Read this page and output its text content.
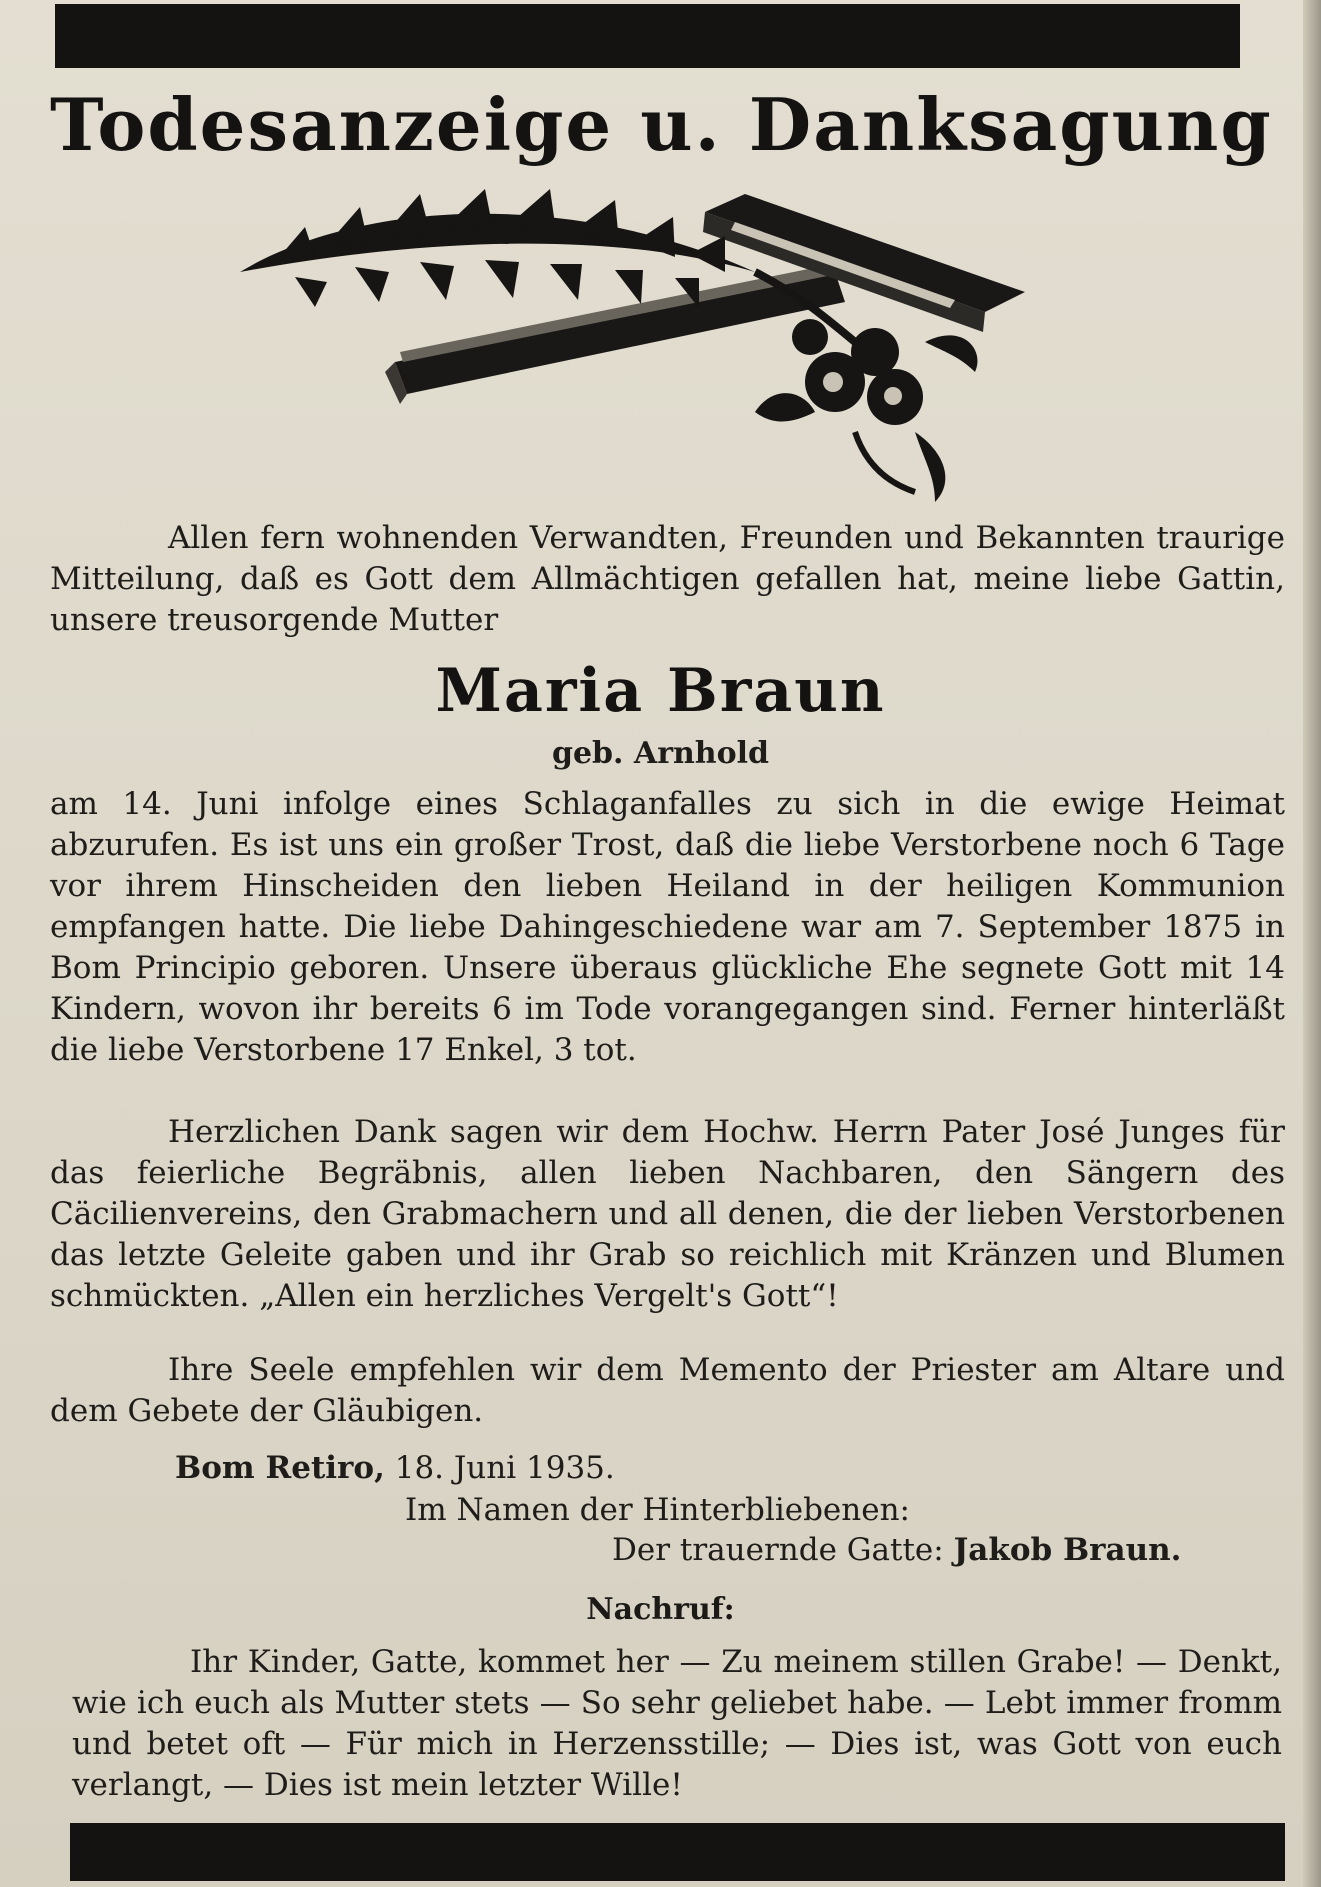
Todesanzeige u. Danksagung
Allen fern wohnenden Verwandten, Freunden und Bekannten traurige Mitteilung, daß es Gott dem Allmächtigen gefallen hat, meine liebe Gattin, unsere treusorgende Mutter
Maria Braun
geb. Arnhold
am 14. Juni infolge eines Schlaganfalles zu sich in die ewige Heimat abzurufen. Es ist uns ein großer Trost, daß die liebe Verstorbene noch 6 Tage vor ihrem Hinscheiden den lieben Heiland in der heiligen Kommunion empfangen hatte. Die liebe Dahingeschiedene war am 7. September 1875 in Bom Principio geboren. Unsere überaus glückliche Ehe segnete Gott mit 14 Kindern, wovon ihr bereits 6 im Tode vorangegangen sind. Ferner hinterläßt die liebe Verstorbene 17 Enkel, 3 tot.
Herzlichen Dank sagen wir dem Hochw. Herrn Pater José Junges für das feierliche Begräbnis, allen lieben Nachbaren, den Sängern des Cäcilienvereins, den Grabmachern und all denen, die der lieben Verstorbenen das letzte Geleite gaben und ihr Grab so reichlich mit Kränzen und Blumen schmückten. „Allen ein herzliches Vergelt's Gott“!
Ihre Seele empfehlen wir dem Memento der Priester am Altare und dem Gebete der Gläubigen.
Bom Retiro, 18. Juni 1935.
Im Namen der Hinterbliebenen:
Der trauernde Gatte: Jakob Braun.
Nachruf:
Ihr Kinder, Gatte, kommet her — Zu meinem stillen Grabe! — Denkt, wie ich euch als Mutter stets — So sehr geliebet habe. — Lebt immer fromm und betet oft — Für mich in Herzensstille; — Dies ist, was Gott von euch verlangt, — Dies ist mein letzter Wille!
